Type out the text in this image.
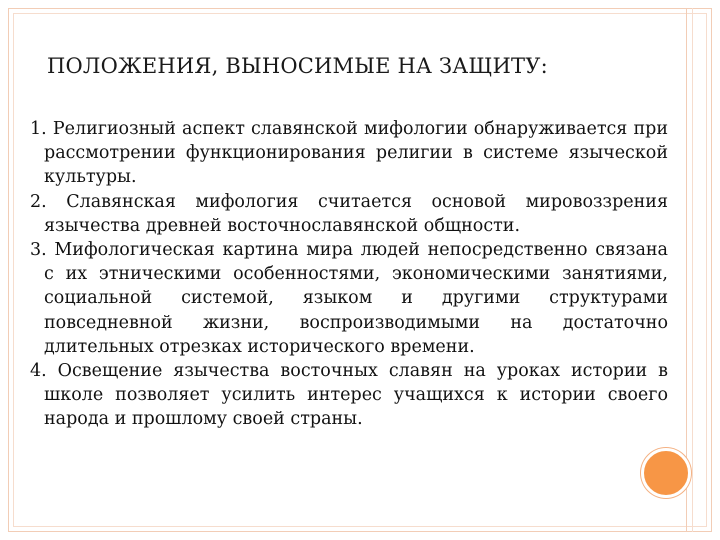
ПОЛОЖЕНИЯ, ВЫНОСИМЫЕ НА ЗАЩИТУ:
1. Религиозный аспект славянской мифологии обнаруживается при рассмотрении функционирования религии в системе языческой культуры.
2. Славянская мифология считается основой мировоззрения язычества древней восточнославянской общности.
3. Мифологическая картина мира людей непосредственно связана с их этническими особенностями, экономическими занятиями, социальной системой, языком и другими структурами повседневной жизни, воспроизводимыми на достаточно длительных отрезках исторического времени.
4. Освещение язычества восточных славян на уроках истории в школе позволяет усилить интерес учащихся к истории своего народа и прошлому своей страны.
